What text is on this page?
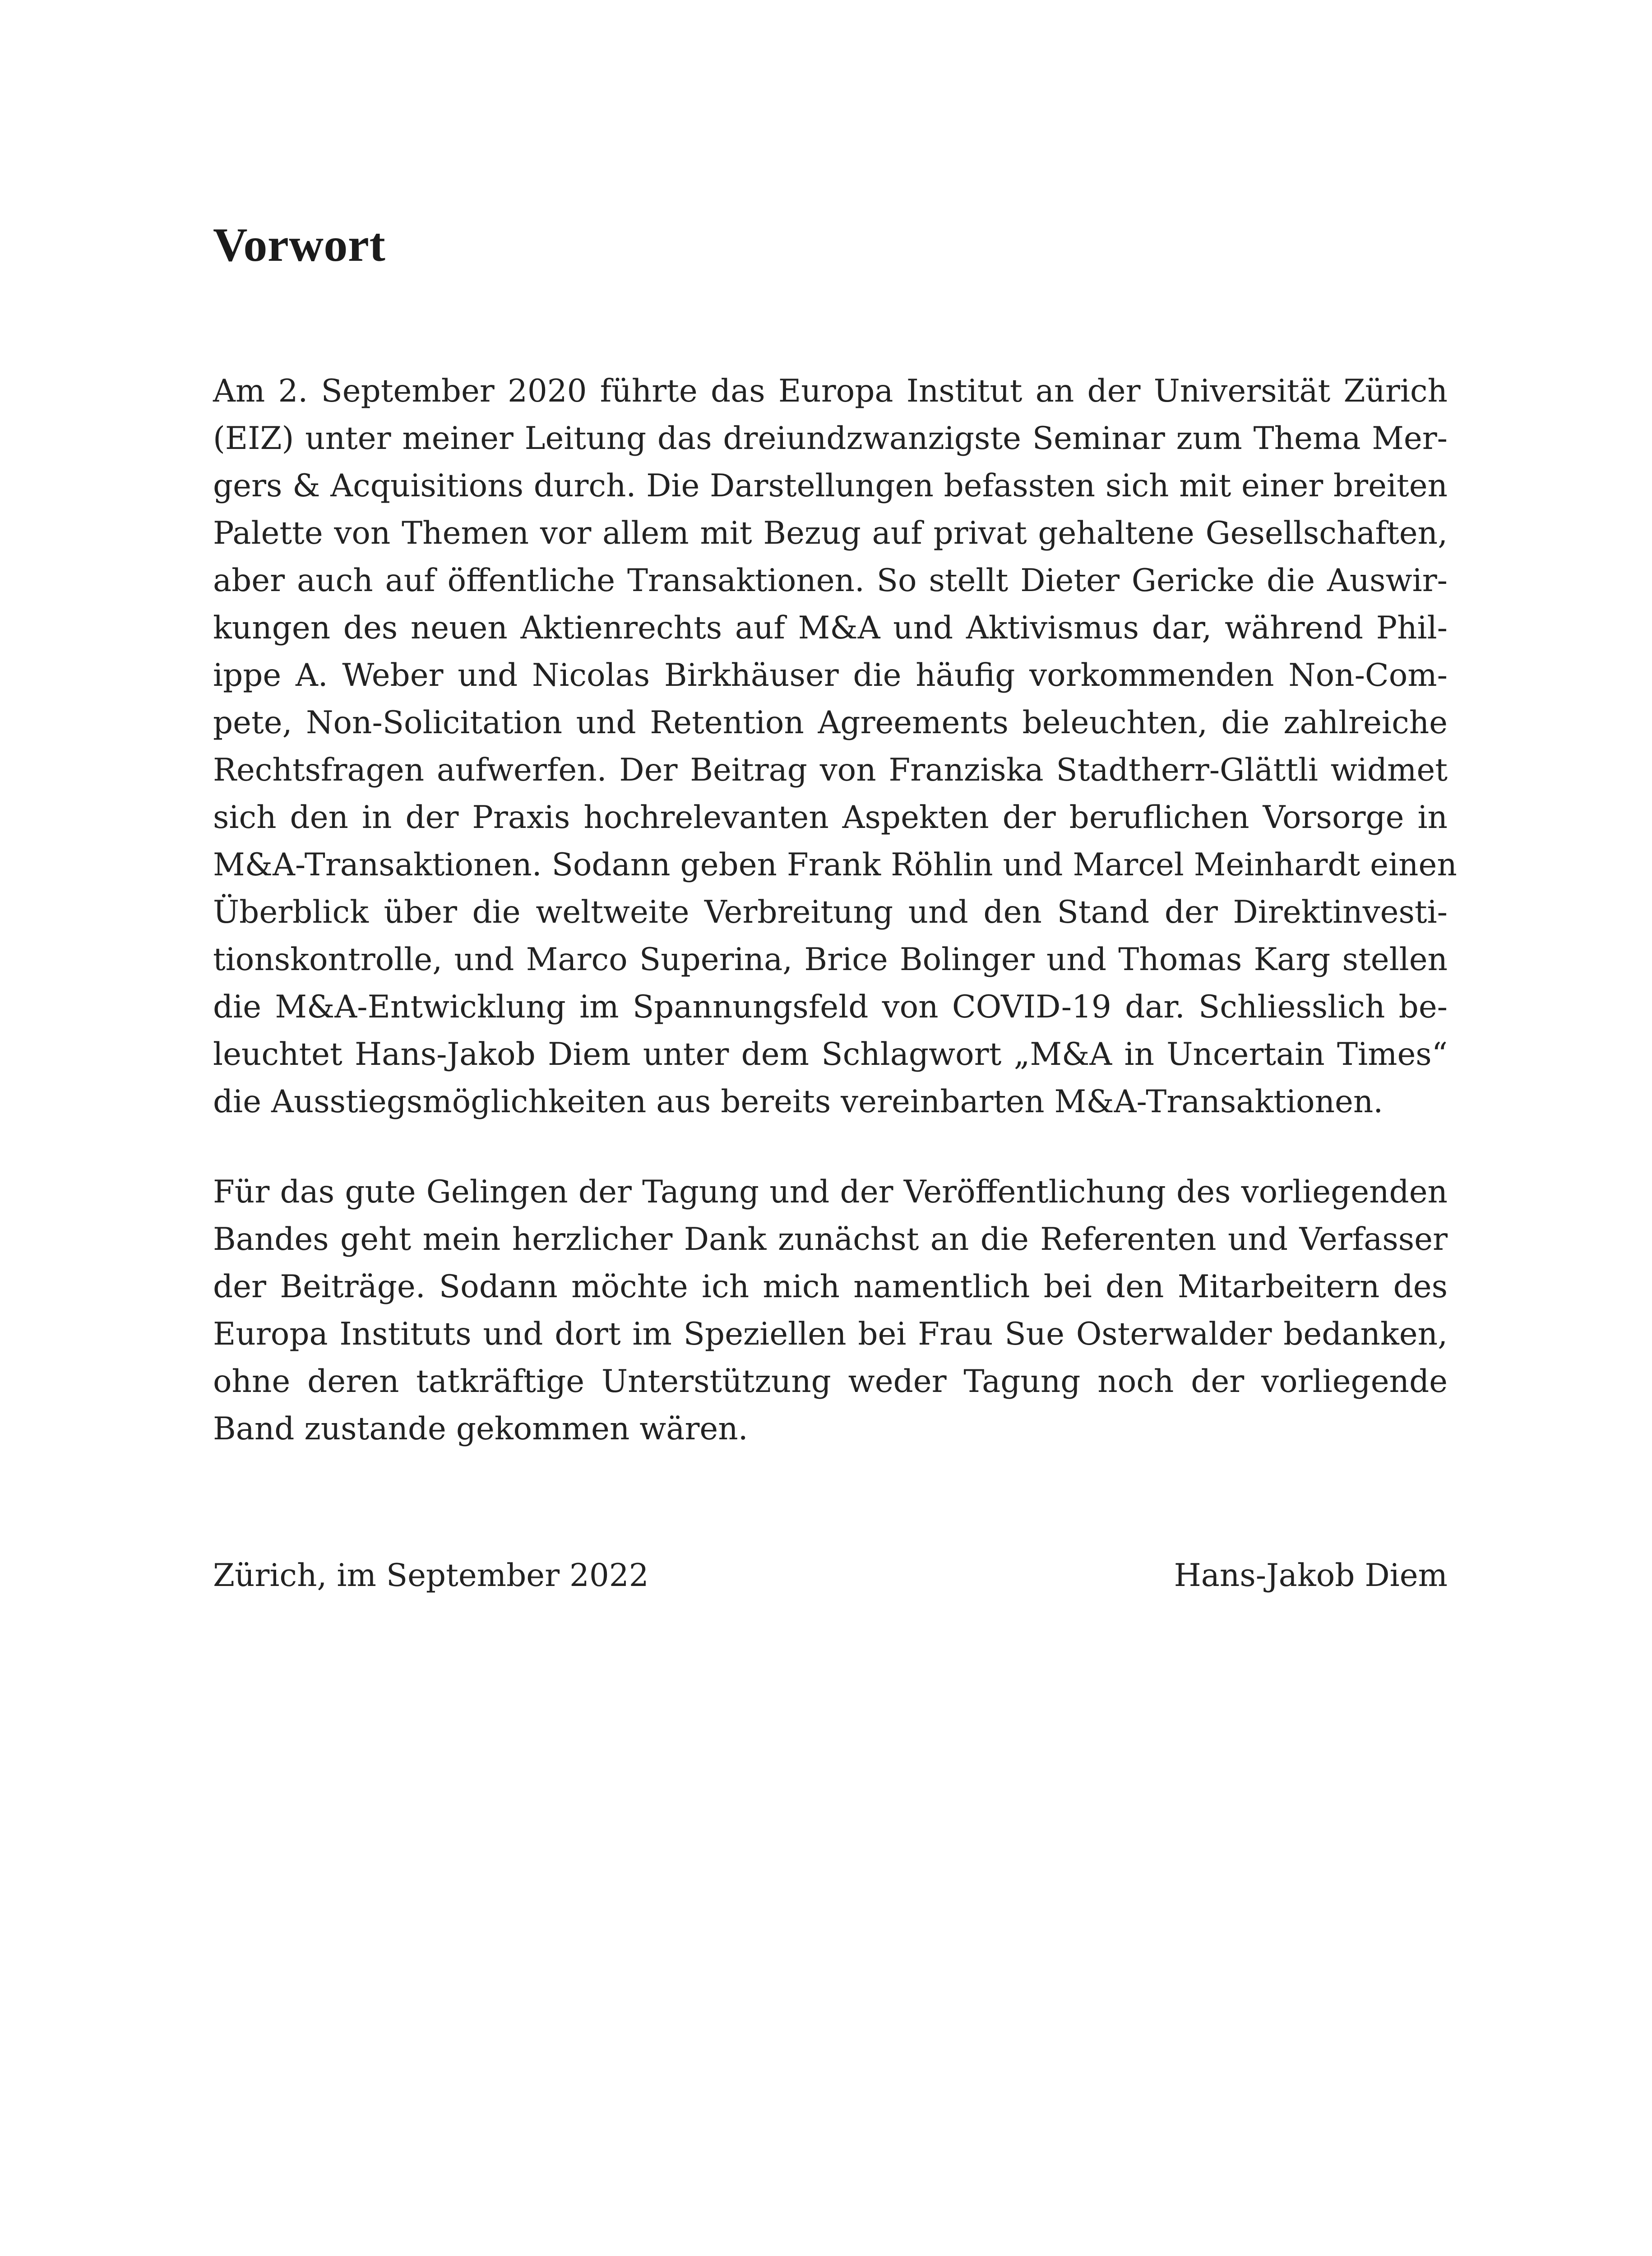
Vorwort

Am 2. September 2020 führte das Europa Institut an der Universität Zürich
(EIZ) unter meiner Leitung das dreiundzwanzigste Seminar zum Thema Mer-
gers & Acquisitions durch. Die Darstellungen befassten sich mit einer breiten
Palette von Themen vor allem mit Bezug auf privat gehaltene Gesellschaften,
aber auch auf öffentliche Transaktionen. So stellt Dieter Gericke die Auswir-
kungen des neuen Aktienrechts auf M&A und Aktivismus dar, während Phil-
ippe A. Weber und Nicolas Birkhäuser die häufig vorkommenden Non-Com-
pete, Non-Solicitation und Retention Agreements beleuchten, die zahlreiche
Rechtsfragen aufwerfen. Der Beitrag von Franziska Stadtherr-Glättli widmet
sich den in der Praxis hochrelevanten Aspekten der beruflichen Vorsorge in
M&A-Transaktionen. Sodann geben Frank Röhlin und Marcel Meinhardt einen
Überblick über die weltweite Verbreitung und den Stand der Direktinvesti-
tionskontrolle, und Marco Superina, Brice Bolinger und Thomas Karg stellen
die M&A-Entwicklung im Spannungsfeld von COVID-19 dar. Schliesslich be-
leuchtet Hans-Jakob Diem unter dem Schlagwort „M&A in Uncertain Times“
die Ausstiegsmöglichkeiten aus bereits vereinbarten M&A-Transaktionen.

Für das gute Gelingen der Tagung und der Veröffentlichung des vorliegenden
Bandes geht mein herzlicher Dank zunächst an die Referenten und Verfasser
der Beiträge. Sodann möchte ich mich namentlich bei den Mitarbeitern des
Europa Instituts und dort im Speziellen bei Frau Sue Osterwalder bedanken,
ohne deren tatkräftige Unterstützung weder Tagung noch der vorliegende
Band zustande gekommen wären.

Zürich, im September 2022	Hans-Jakob Diem
